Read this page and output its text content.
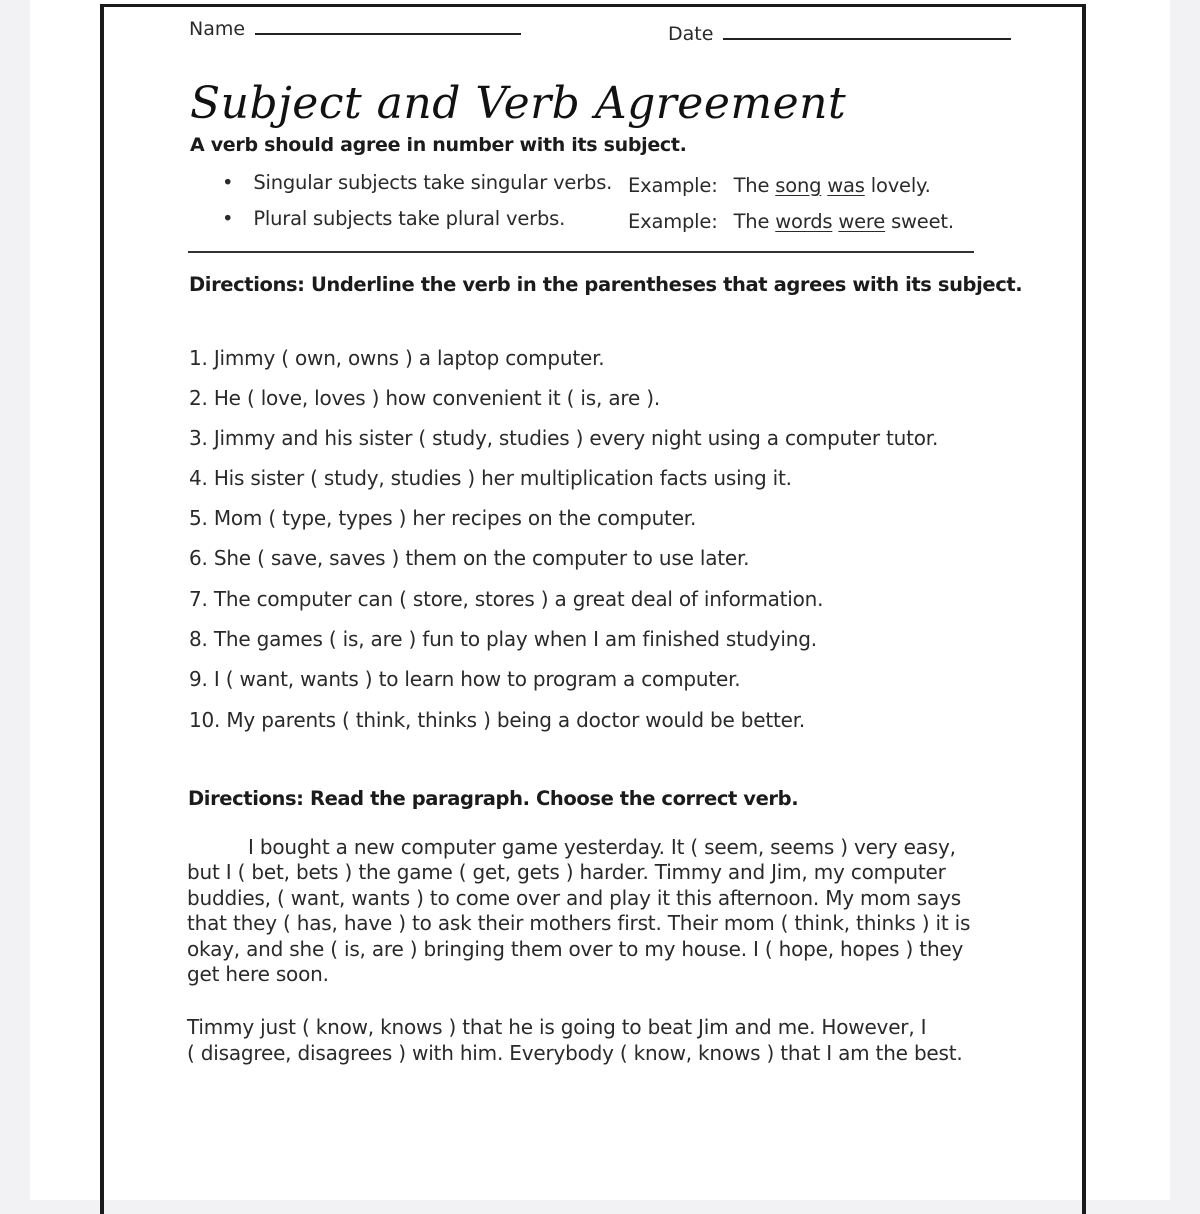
Name	Date
Subject and Verb Agreement
A verb should agree in number with its subject.
• Singular subjects take singular verbs. Example: The song was lovely.
• Plural subjects take plural verbs.	Example: The words were sweet.
Directions: Underline the verb in the parentheses that agrees with its subject.
1. Jimmy ( own, owns ) a laptop computer.
2. He ( love, loves ) how convenient it ( is, are ).
3. Jimmy and his sister ( study, studies ) every night using a computer tutor.
4. His sister ( study, studies ) her multiplication facts using it.
5. Mom ( type, types ) her recipes on the computer.
6. She ( save, saves ) them on the computer to use later.
7. The computer can ( store, stores ) a great deal of information.
8. The games ( is, are ) fun to play when I am finished studying.
9. I ( want, wants ) to learn how to program a computer.
10. My parents ( think, thinks ) being a doctor would be better.
Directions: Read the paragraph. Choose the correct verb.
I bought a new computer game yesterday. It ( seem, seems ) very easy,
but I ( bet, bets ) the game ( get, gets ) harder. Timmy and Jim, my computer
buddies, ( want, wants ) to come over and play it this afternoon. My mom says
that they ( has, have ) to ask their mothers first. Their mom ( think, thinks ) it is
okay, and she ( is, are ) bringing them over to my house. I ( hope, hopes ) they
get here soon.
Timmy just ( know, knows ) that he is going to beat Jim and me. However, I
( disagree, disagrees ) with him. Everybody ( know, knows ) that I am the best.
